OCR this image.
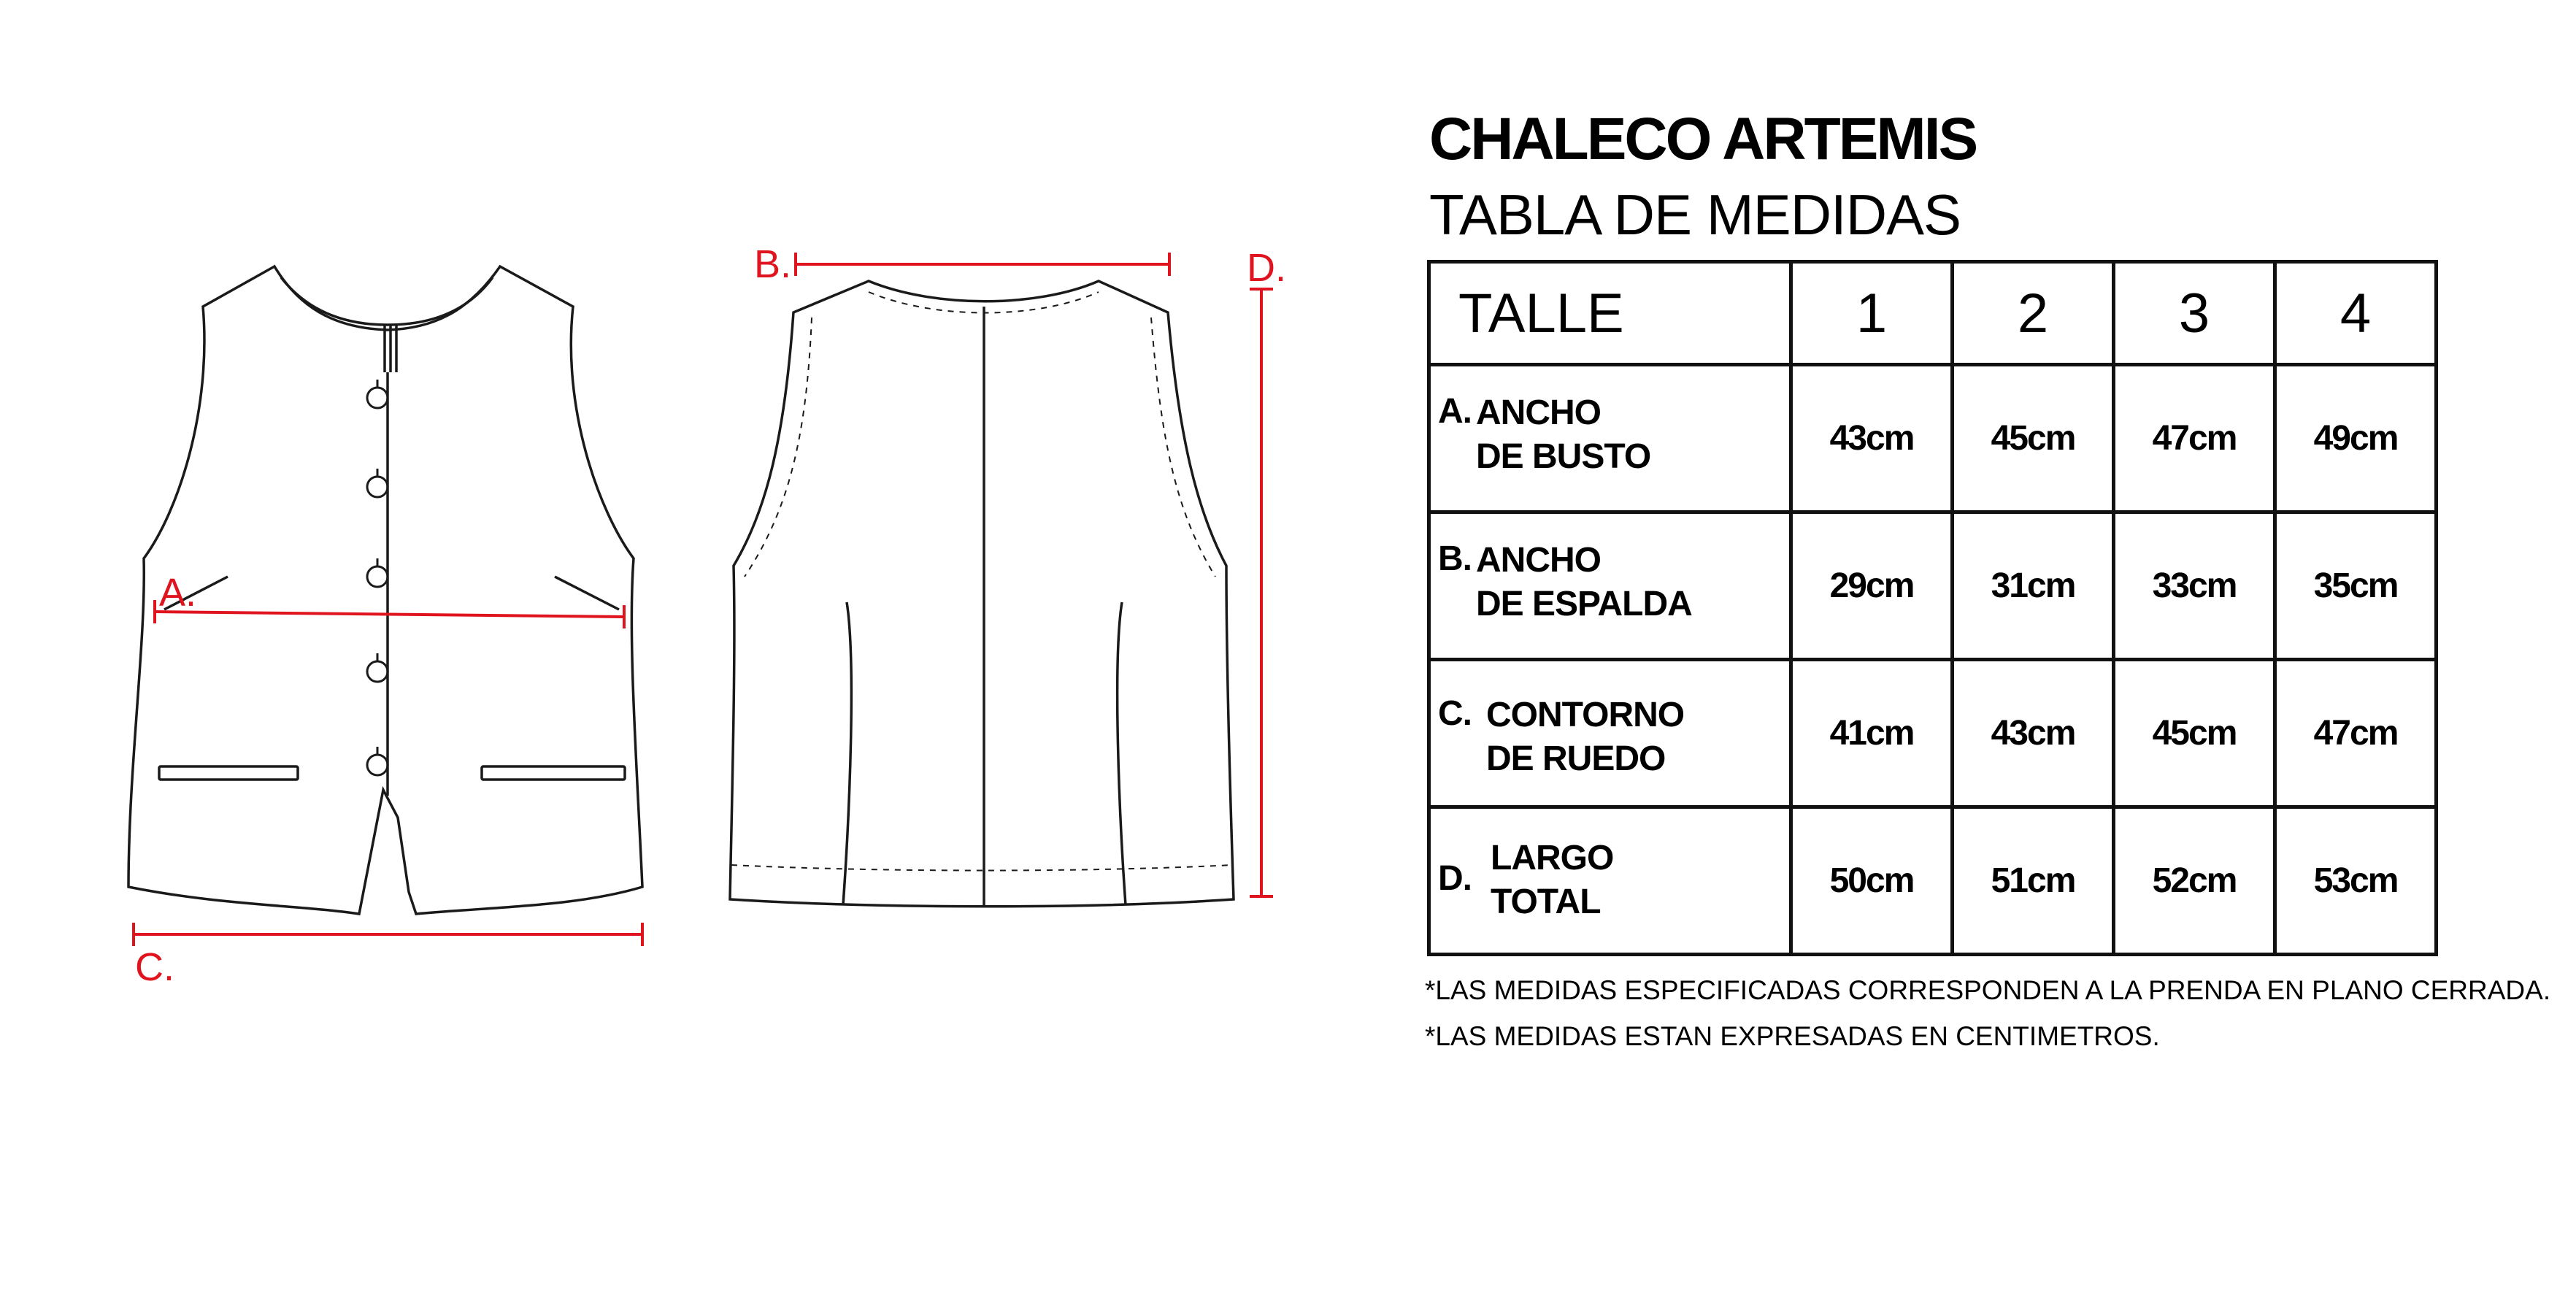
A.
B.
C.
D.
CHALECO ARTEMIS
TABLA DE MEDIDAS
TALLE	1	2	3	4

A. ANCHO
DE BUSTO	43cm	45cm	47cm	49cm

B. ANCHO
DE ESPALDA	29cm	31cm	33cm	35cm

C. CONTORNO
DE RUEDO	41cm	43cm	45cm	47cm

D.
LARGO
TOTAL	50cm	51cm	52cm	53cm
*LAS MEDIDAS ESPECIFICADAS CORRESPONDEN A LA PRENDA EN PLANO CERRADA.
*LAS MEDIDAS ESTAN EXPRESADAS EN CENTIMETROS.
